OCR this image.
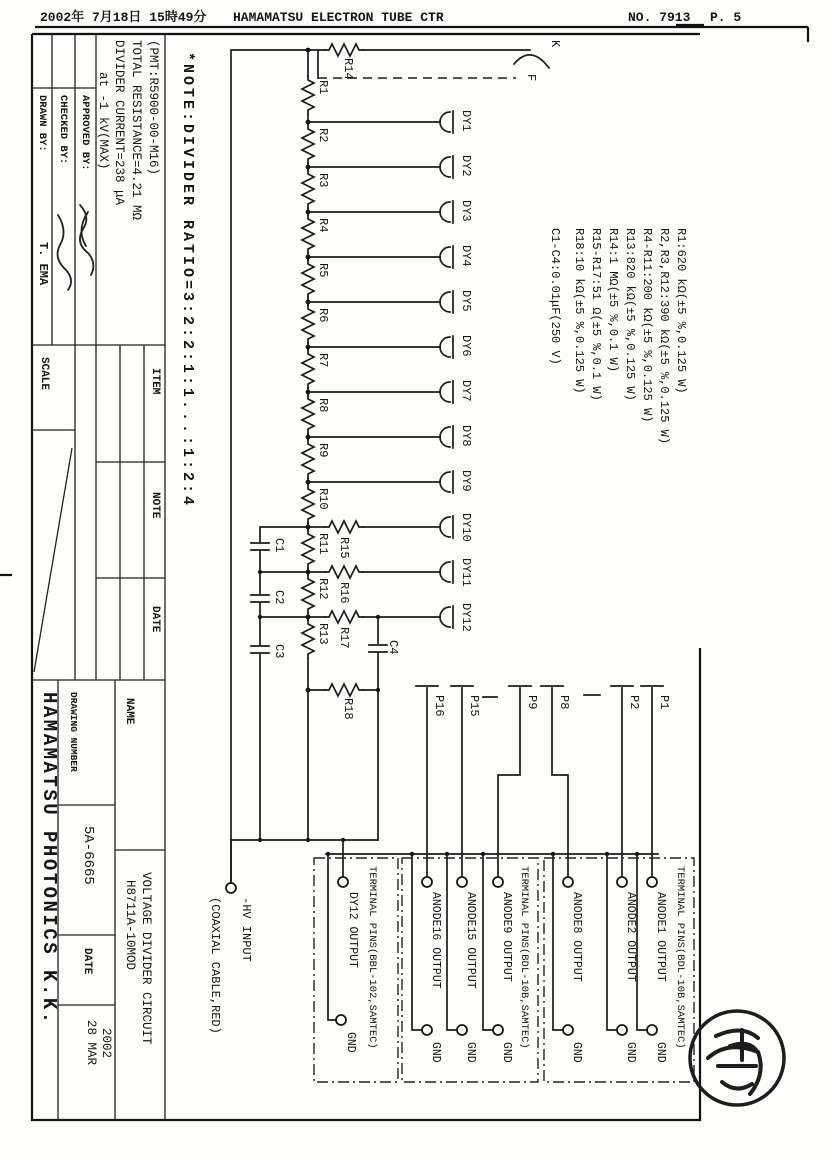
2002年 7月18日 15時49分 HAMAMATSU ELECTRON TUBE CTR	NO. 7913 P. 5
DRAWN BY: CHECKED BY: APPROVED BY:
T. EMA
SCALE	ITEM
NOTE
DATE
(PMT:R5900-00-M16)
TOTAL RESISTANCE=4.21 MΩ
DIVIDER CURRENT=238 μA
at -1 kV(MAX)
HAMAMATSU PHOTONICS K.K. DRAWING NUMBER
5A-6665
DATE
28 MAR 2002
NAME
VOLTAGE DIVIDER CIRCUIT
H8711A-10MOD
*NOTE:DIVIDER RATIO=3:2:2:1:1...:1:2:4	R1:620 kΩ(±5 %,0.125 W)
R2,R3,R12:390 kΩ(±5 %,0.125 W)
R4-R11:200 kΩ(±5 %,0.125 W)
R13:820 kΩ(±5 %,0.125 W)
R14:1 MΩ(±5 %,0.1 W)
R15-R17:51 Ω(±5 %,0.1 W)
R18:10 kΩ(±5 %,0.125 W)
C1-C4:0.01μF(250 V)
K
F
R1
R2
R3
R4
R5
R6
R7
R8
R9
R10
R11
R12
R13
R14
R15
R16
R17
R18
C1
C2
C3	C4
DY1
DY2
DY3
DY4
DY5
DY6
DY7
DY8
DY9
DY10
DY11
DY12
P1
P2
P8
P9
P15
P16
-HV INPUT
(COAXIAL CABLE,RED)	DY12 OUTPUT
GND
ANODE16 OUTPUT
GND
ANODE15 OUTPUT
GND
ANODE9 OUTPUT
GND
ANODE8 OUTPUT
GND
ANODE2 OUTPUT
GND
ANODE1 OUTPUT
GND
TERMINAL PINS(BBL-102,SAMTEC)	TERMINAL PINS(BDL-10B,SAMTEC)	TERMINAL PINS(BDL-10B,SAMTEC)
